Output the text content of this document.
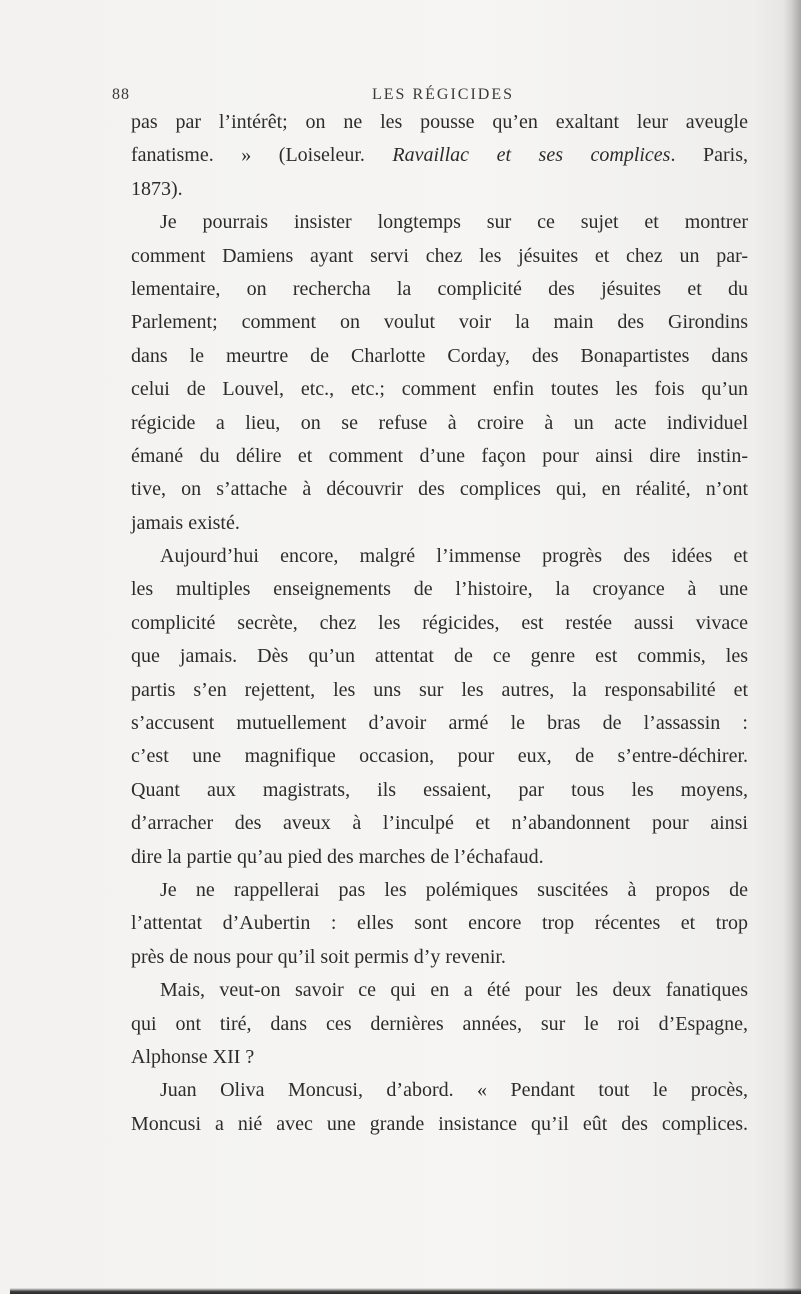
88	LES RÉGICIDES
pas par l’intérêt; on ne les pousse qu’en exaltant leur aveugle
fanatisme. » (Loiseleur. Ravaillac et ses complices. Paris,
1873).
Je pourrais insister longtemps sur ce sujet et montrer
comment Damiens ayant servi chez les jésuites et chez un par-
lementaire, on rechercha la complicité des jésuites et du
Parlement; comment on voulut voir la main des Girondins
dans le meurtre de Charlotte Corday, des Bonapartistes dans
celui de Louvel, etc., etc.; comment enfin toutes les fois qu’un
régicide a lieu, on se refuse à croire à un acte individuel
émané du délire et comment d’une façon pour ainsi dire instin-
tive, on s’attache à découvrir des complices qui, en réalité, n’ont
jamais existé.
Aujourd’hui encore, malgré l’immense progrès des idées et
les multiples enseignements de l’histoire, la croyance à une
complicité secrète, chez les régicides, est restée aussi vivace
que jamais. Dès qu’un attentat de ce genre est commis, les
partis s’en rejettent, les uns sur les autres, la responsabilité et
s’accusent mutuellement d’avoir armé le bras de l’assassin :
c’est une magnifique occasion, pour eux, de s’entre-déchirer.
Quant aux magistrats, ils essaient, par tous les moyens,
d’arracher des aveux à l’inculpé et n’abandonnent pour ainsi
dire la partie qu’au pied des marches de l’échafaud.
Je ne rappellerai pas les polémiques suscitées à propos de
l’attentat d’Aubertin : elles sont encore trop récentes et trop
près de nous pour qu’il soit permis d’y revenir.
Mais, veut-on savoir ce qui en a été pour les deux fanatiques
qui ont tiré, dans ces dernières années, sur le roi d’Espagne,
Alphonse XII ?
Juan Oliva Moncusi, d’abord. « Pendant tout le procès,
Moncusi a nié avec une grande insistance qu’il eût des complices.
